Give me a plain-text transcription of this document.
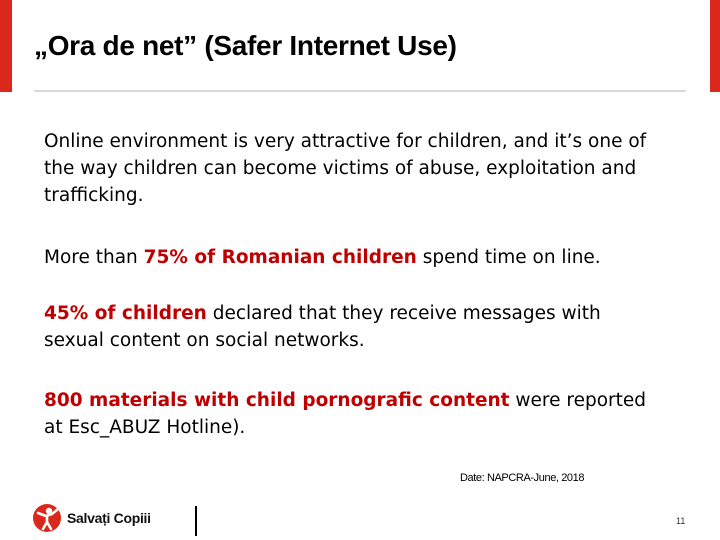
„Ora de net” (Safer Internet Use)

Online environment is very attractive for children, and it’s one of the way children can become victims of abuse, exploitation and trafficking.

More than 75% of Romanian children spend time on line.

45% of children declared that they receive messages with sexual content on social networks.

800 materials with child pornografic content were reported at Esc_ABUZ Hotline).

Date: NAPCRA-June, 2018

Salvați Copiii	11
